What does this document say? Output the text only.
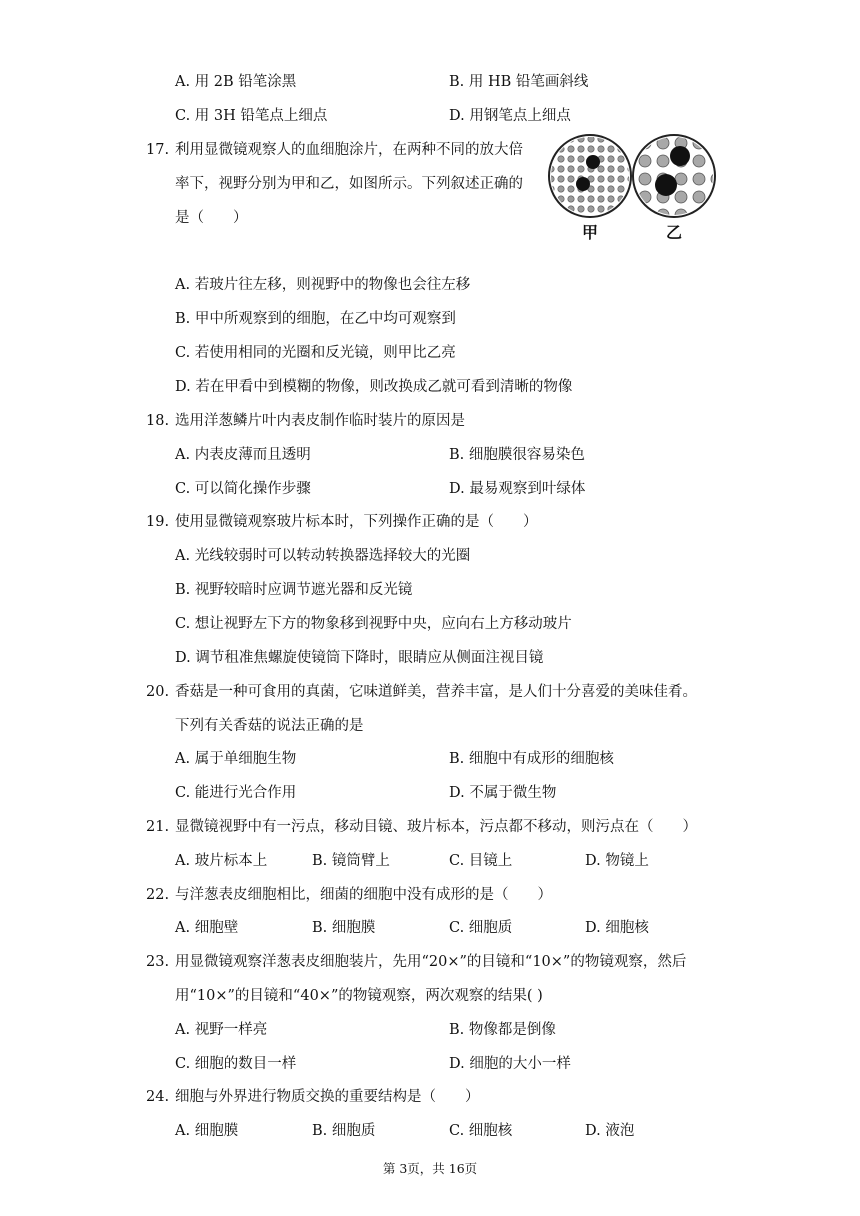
A. 用 2B 铅笔涂黑	B. 用 HB 铅笔画斜线
C. 用 3H 铅笔点上细点	D. 用钢笔点上细点
17. 利用显微镜观察人的血细胞涂片，在两种不同的放大倍
率下，视野分别为甲和乙，如图所示。下列叙述正确的
是（　　）
甲	乙
A. 若玻片往左移，则视野中的物像也会往左移
B. 甲中所观察到的细胞，在乙中均可观察到
C. 若使用相同的光圈和反光镜，则甲比乙亮
D. 若在甲看中到模糊的物像，则改换成乙就可看到清晰的物像
18. 选用洋葱鳞片叶内表皮制作临时装片的原因是
A. 内表皮薄而且透明	B. 细胞膜很容易染色
C. 可以简化操作步骤	D. 最易观察到叶绿体
19. 使用显微镜观察玻片标本时，下列操作正确的是（　　）
A. 光线较弱时可以转动转换器选择较大的光圈
B. 视野较暗时应调节遮光器和反光镜
C. 想让视野左下方的物象移到视野中央，应向右上方移动玻片
D. 调节租准焦螺旋使镜筒下降时，眼睛应从侧面注视目镜
20. 香菇是一种可食用的真菌，它味道鲜美，营养丰富，是人们十分喜爱的美味佳肴。
下列有关香菇的说法正确的是
A. 属于单细胞生物	B. 细胞中有成形的细胞核
C. 能进行光合作用	D. 不属于微生物
21. 显微镜视野中有一污点，移动目镜、玻片标本，污点都不移动，则污点在（　　）
A. 玻片标本上	B. 镜筒臂上	C. 目镜上	D. 物镜上
22. 与洋葱表皮细胞相比，细菌的细胞中没有成形的是（　　）
A. 细胞壁	B. 细胞膜	C. 细胞质	D. 细胞核
23. 用显微镜观察洋葱表皮细胞装片，先用“20×”的目镜和“10×”的物镜观察，然后
用“10×”的目镜和“40×”的物镜观察，两次观察的结果( )
A. 视野一样亮	B. 物像都是倒像
C. 细胞的数目一样	D. 细胞的大小一样
24. 细胞与外界进行物质交换的重要结构是（　　）
A. 细胞膜	B. 细胞质	C. 细胞核	D. 液泡
第 3页，共 16页
